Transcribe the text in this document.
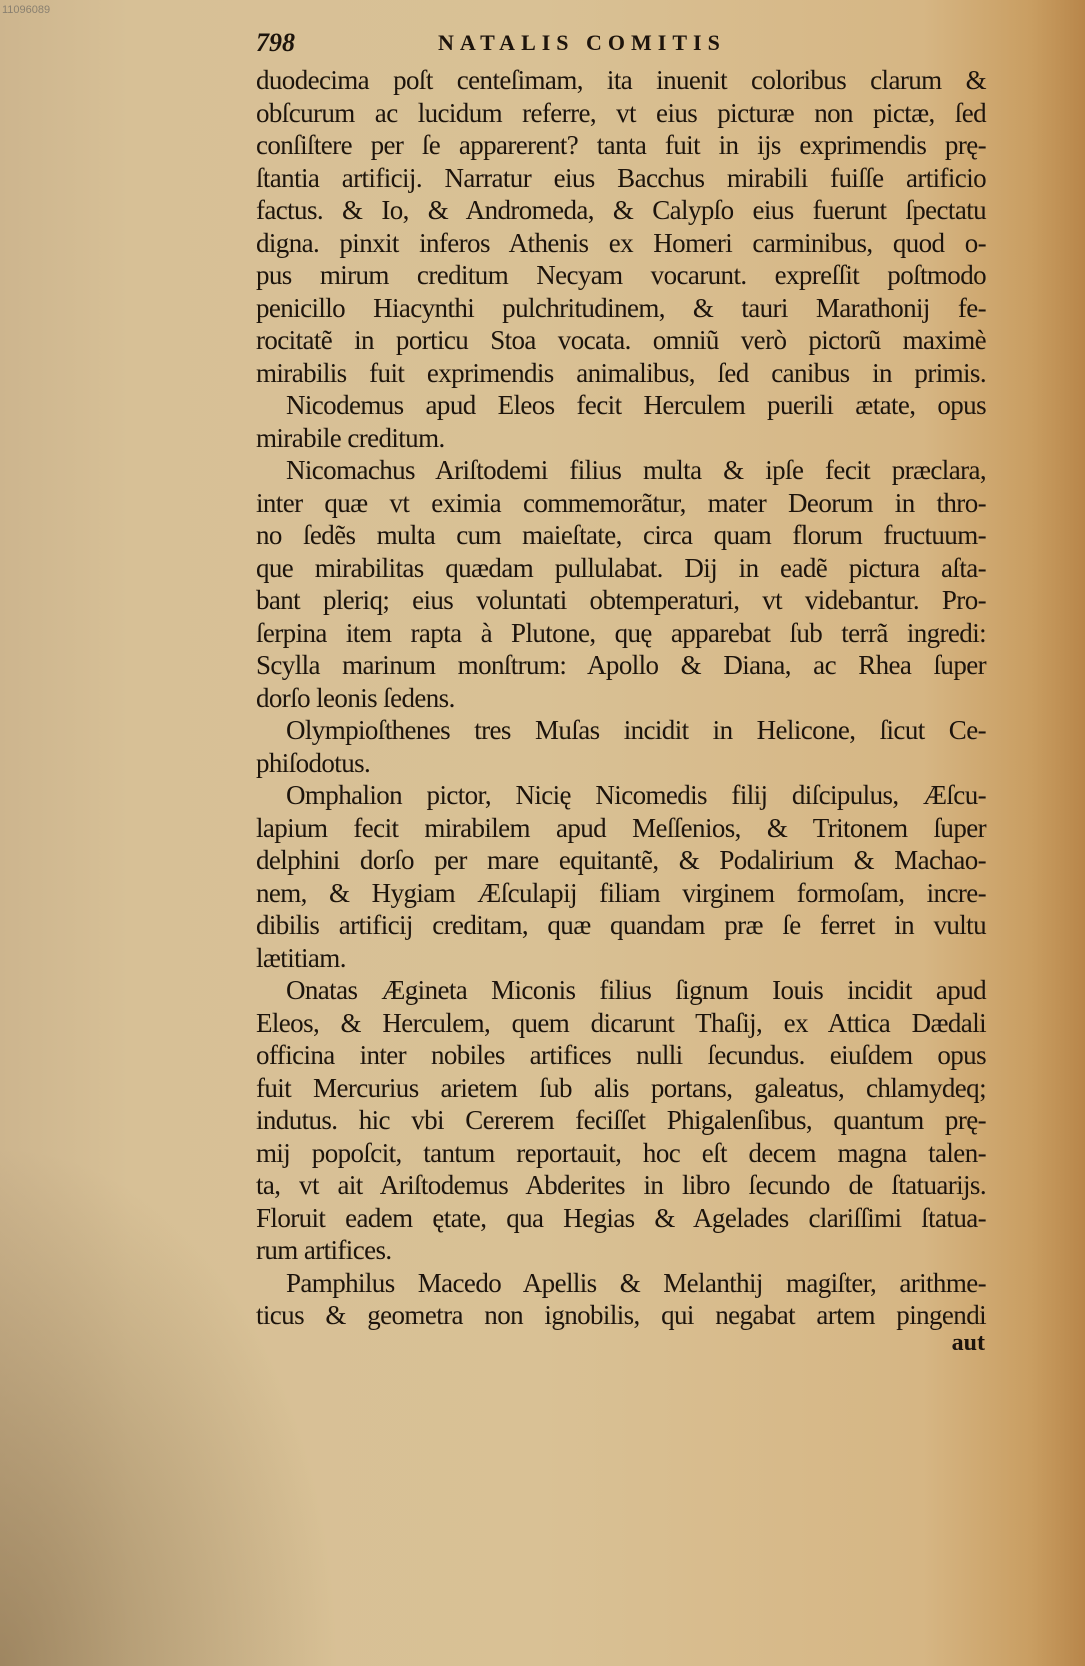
11096089
798	NATALIS COMITIS
duodecima poſt centeſimam, ita inuenit coloribus clarum &
obſcurum ac lucidum referre, vt eius picturæ non pictæ, ſed
conſiſtere per ſe apparerent? tanta fuit in ijs exprimendis prę-
ſtantia artificij. Narratur eius Bacchus mirabili fuiſſe artificio
factus. & Io, & Andromeda, & Calypſo eius fuerunt ſpectatu
digna. pinxit inferos Athenis ex Homeri carminibus, quod o-
pus mirum creditum Necyam vocarunt. expreſſit poſtmodo
penicillo Hiacynthi pulchritudinem, & tauri Marathonij fe-
rocitatẽ in porticu Stoa vocata. omniũ verò pictorũ maximè
mirabilis fuit exprimendis animalibus, ſed canibus in primis.
Nicodemus apud Eleos fecit Herculem puerili ætate, opus
mirabile creditum.
Nicomachus Ariſtodemi filius multa & ipſe fecit præclara,
inter quæ vt eximia commemorãtur, mater Deorum in thro-
no ſedẽs multa cum maieſtate, circa quam florum fructuum-
que mirabilitas quædam pullulabat. Dij in eadẽ pictura aſta-
bant pleriq; eius voluntati obtemperaturi, vt videbantur. Pro-
ſerpina item rapta à Plutone, quę apparebat ſub terrã ingredi:
Scylla marinum monſtrum: Apollo & Diana, ac Rhea ſuper
dorſo leonis ſedens.
Olympioſthenes tres Muſas incidit in Helicone, ſicut Ce-
phiſodotus.
Omphalion pictor, Nicię Nicomedis filij diſcipulus, Æſcu-
lapium fecit mirabilem apud Meſſenios, & Tritonem ſuper
delphini dorſo per mare equitantẽ, & Podalirium & Machao-
nem, & Hygiam Æſculapij filiam virginem formoſam, incre-
dibilis artificij creditam, quæ quandam præ ſe ferret in vultu
lætitiam.
Onatas Ægineta Miconis filius ſignum Iouis incidit apud
Eleos, & Herculem, quem dicarunt Thaſij, ex Attica Dædali
officina inter nobiles artifices nulli ſecundus. eiuſdem opus
fuit Mercurius arietem ſub alis portans, galeatus, chlamydeq;
indutus. hic vbi Cererem feciſſet Phigalenſibus, quantum prę-
mij popoſcit, tantum reportauit, hoc eſt decem magna talen-
ta, vt ait Ariſtodemus Abderites in libro ſecundo de ſtatuarijs.
Floruit eadem ętate, qua Hegias & Agelades clariſſimi ſtatua-
rum artifices.
Pamphilus Macedo Apellis & Melanthij magiſter, arithme-
ticus & geometra non ignobilis, qui negabat artem pingendi
aut
